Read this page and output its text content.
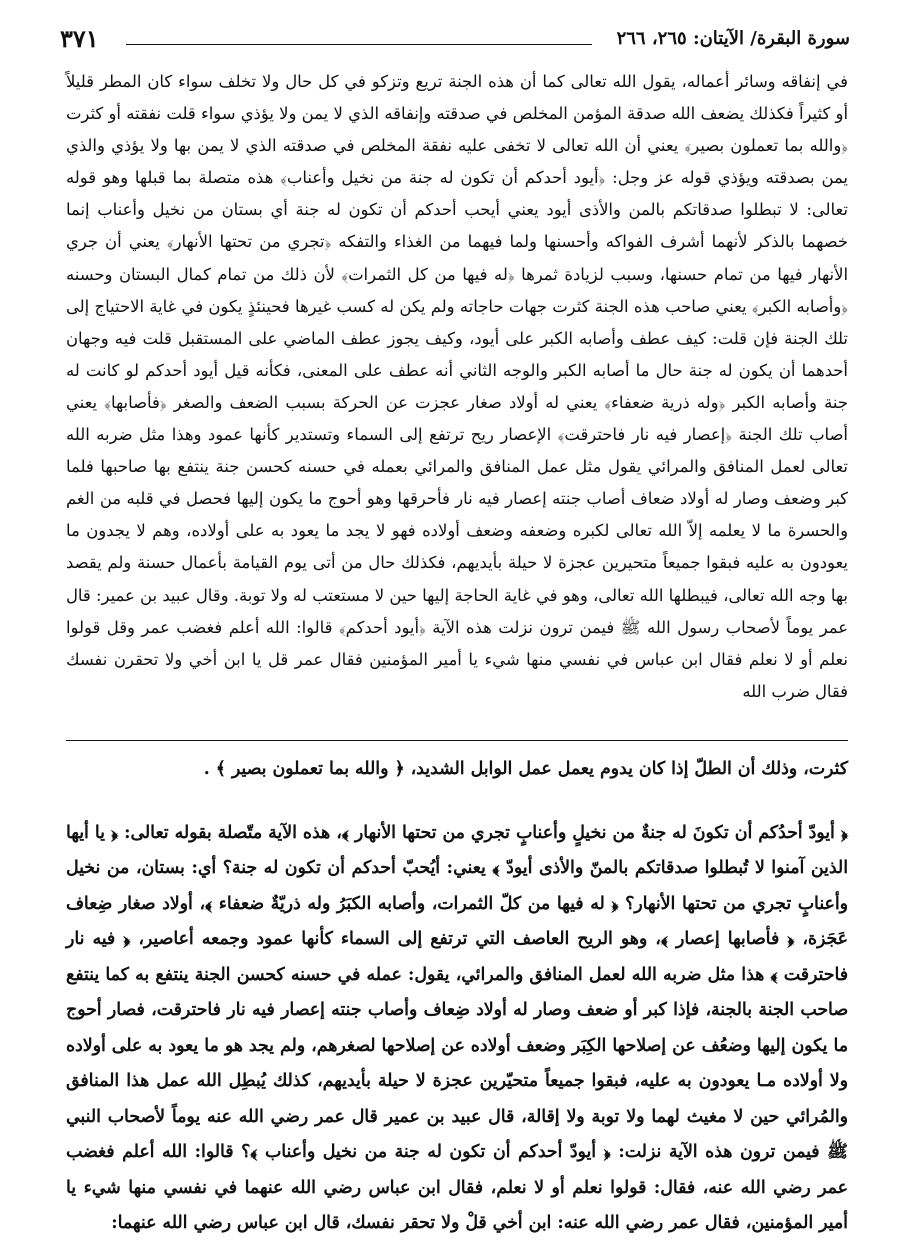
٣٧١	سورة البقرة/ الآيتان: ٢٦٥، ٢٦٦

في إنفاقه وسائر أعماله، يقول الله تعالى كما أن هذه الجنة تريع وتزكو في كل حال ولا تخلف سواء كان المطر قليلاً أو كثيراً فكذلك يضعف الله صدقة المؤمن المخلص في صدقته وإنفاقه الذي لا يمن ولا يؤذي سواء قلت نفقته أو كثرت ﴿والله بما تعملون بصير﴾ يعني أن الله تعالى لا تخفى عليه نفقة المخلص في صدقته الذي لا يمن بها ولا يؤذي والذي يمن بصدقته ويؤذي قوله عز وجل: ﴿أيود أحدكم أن تكون له جنة من نخيل وأعناب﴾ هذه متصلة بما قبلها وهو قوله تعالى: لا تبطلوا صدقاتكم بالمن والأذى أيود يعني أيحب أحدكم أن تكون له جنة أي بستان من نخيل وأعناب إنما خصهما بالذكر لأنهما أشرف الفواكه وأحسنها ولما فيهما من الغذاء والتفكه ﴿تجري من تحتها الأنهار﴾ يعني أن جري الأنهار فيها من تمام حسنها، وسبب لزيادة ثمرها ﴿له فيها من كل الثمرات﴾ لأن ذلك من تمام كمال البستان وحسنه ﴿وأصابه الكبر﴾ يعني صاحب هذه الجنة كثرت جهات حاجاته ولم يكن له كسب غيرها فحينئذٍ يكون في غاية الاحتياج إلى تلك الجنة فإن قلت: كيف عطف وأصابه الكبر على أيود، وكيف يجوز عطف الماضي على المستقبل قلت فيه وجهان أحدهما أن يكون له جنة حال ما أصابه الكبر والوجه الثاني أنه عطف على المعنى، فكأنه قيل أيود أحدكم لو كانت له جنة وأصابه الكبر ﴿وله ذرية ضعفاء﴾ يعني له أولاد صغار عجزت عن الحركة بسبب الضعف والصغر ﴿فأصابها﴾ يعني أصاب تلك الجنة ﴿إعصار فيه نار فاحترقت﴾ الإعصار ريح ترتفع إلى السماء وتستدير كأنها عمود وهذا مثل ضربه الله تعالى لعمل المنافق والمرائي يقول مثل عمل المنافق والمرائي بعمله في حسنه كحسن جنة ينتفع بها صاحبها فلما كبر وضعف وصار له أولاد ضعاف أصاب جنته إعصار فيه نار فأحرقها وهو أحوج ما يكون إليها فحصل في قلبه من الغم والحسرة ما لا يعلمه إلاّ الله تعالى لكبره وضعفه وضعف أولاده فهو لا يجد ما يعود به على أولاده، وهم لا يجدون ما يعودون به عليه فبقوا جميعاً متحيرين عجزة لا حيلة بأيديهم، فكذلك حال من أتى يوم القيامة بأعمال حسنة ولم يقصد بها وجه الله تعالى، فيبطلها الله تعالى، وهو في غاية الحاجة إليها حين لا مستعتب له ولا توبة. وقال عبيد بن عمير: قال عمر يوماً لأصحاب رسول الله ﷺ فيمن ترون نزلت هذه الآية ﴿أيود أحدكم﴾ قالوا: الله أعلم فغضب عمر وقل قولوا نعلم أو لا نعلم فقال ابن عباس في نفسي منها شيء يا أمير المؤمنين فقال عمر قل يا ابن أخي ولا تحقرن نفسك فقال ضرب الله

كثرت، وذلك أن الطلّ إذا كان يدوم يعمل عمل الوابل الشديد، ﴿ والله بما تعملون بصير ﴾ .

﴿ أيودّ أحدُكم أن تكونَ له جنةٌ من نخيلٍ وأعنابٍ تجري من تحتها الأنهار ﴾، هذه الآية متّصلة بقوله تعالى: ﴿ يا أيها الذين آمنوا لا تُبطلوا صدقاتكم بالمنّ والأذى أيودّ ﴾ يعني: أيُحبّ أحدكم أن تكون له جنة؟ أي: بستان، من نخيل وأعنابٍ تجري من تحتها الأنهار؟ ﴿ له فيها من كلّ الثمرات، وأصابه الكبَرُ وله ذريّةٌ ضعفاء ﴾، أولاد صغار ضِعاف عَجَزة، ﴿ فأصابها إعصار ﴾، وهو الريح العاصف التي ترتفع إلى السماء كأنها عمود وجمعه أعاصير، ﴿ فيه نار فاحترقت ﴾ هذا مثل ضربه الله لعمل المنافق والمرائي، يقول: عمله في حسنه كحسن الجنة ينتفع به كما ينتفع صاحب الجنة بالجنة، فإذا كبر أو ضعف وصار له أولاد ضِعاف وأصاب جنته إعصار فيه نار فاحترقت، فصار أحوج ما يكون إليها وضعُف عن إصلاحها الكِبَر وضعف أولاده عن إصلاحها لصغرهم، ولم يجد هو ما يعود به على أولاده ولا أولاده مـا يعودون به عليه، فبقوا جميعاً متحيّرين عجزة لا حيلة بأيديهم، كذلك يُبطِل الله عمل هذا المنافق والمُرائي حين لا مغيث لهما ولا توبة ولا إقالة، قال عبيد بن عمير قال عمر رضي الله عنه يوماً لأصحاب النبي ﷺ فيمن ترون هذه الآية نزلت: ﴿ أيودّ أحدكم أن تكون له جنة من نخيل وأعناب ﴾؟ قالوا: الله أعلم فغضب عمر رضي الله عنه، فقال: قولوا نعلم أو لا نعلم، فقال ابن عباس رضي الله عنهما في نفسي منها شيء يا أمير المؤمنين، فقال عمر رضي الله عنه: ابن أخي قلْ ولا تحقر نفسك، قال ابن عباس رضي الله عنهما:
